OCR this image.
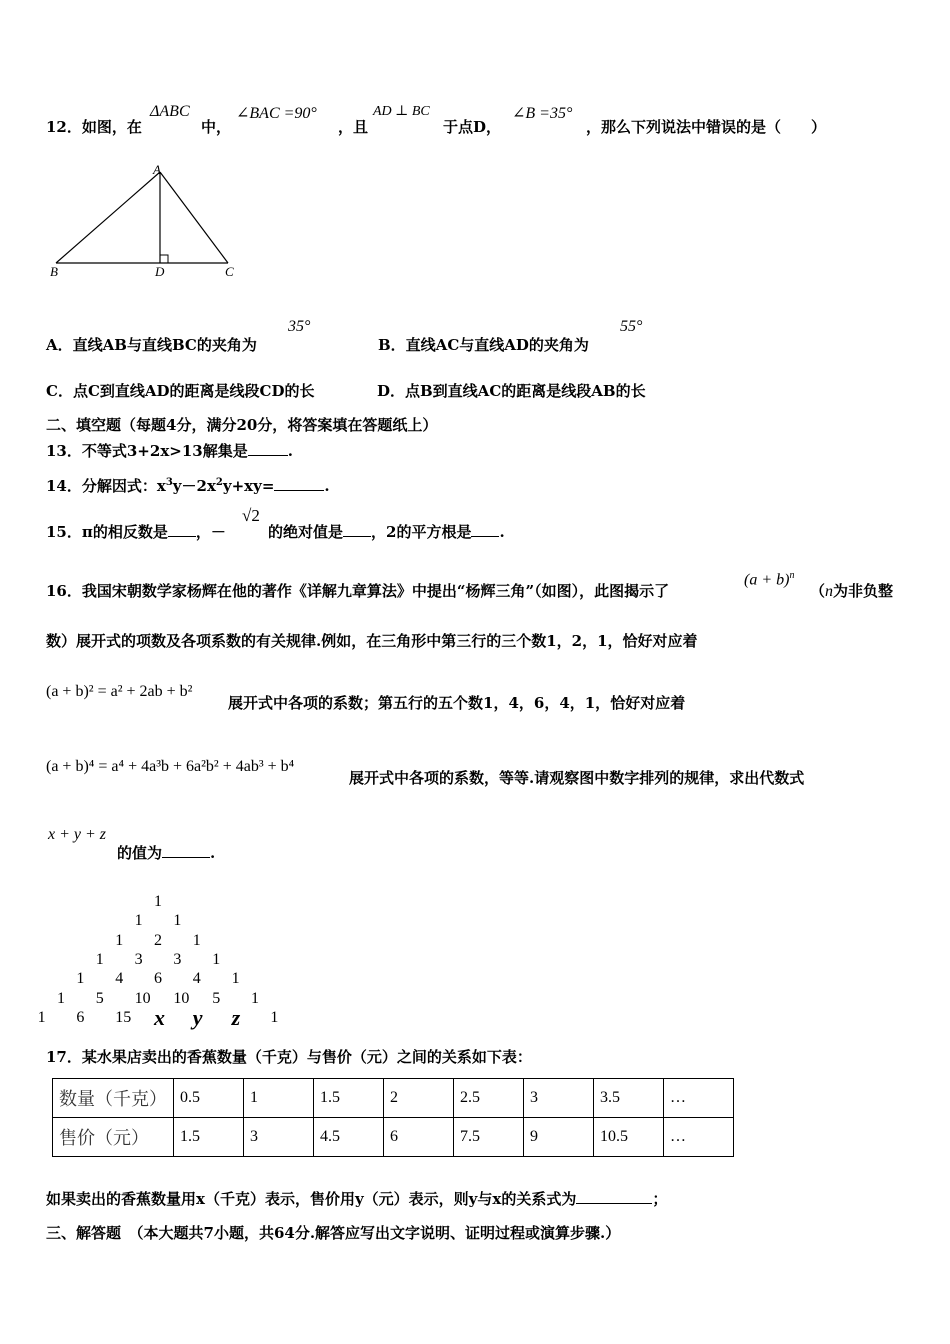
12．如图，在
ΔABC
中，
∠BAC =90°
，且
AD ⊥ BC
于点D，
∠B =35°
，那么下列说法中错误的是（　　）
A
B	D	C
A．直线AB与直线BC的夹角为
35°
B．直线AC与直线AD的夹角为
55°
C．点C到直线AD的距离是线段CD的长	D．点B到直线AC的距离是线段AB的长
二、填空题（每题4分，满分20分，将答案填在答题纸上）
13．不等式3+2x>13解集是	.
14．分解因式：$x^3y-2x^2y+xy=$	.
15．π的相反数是 ，－
√2
的绝对值是 ，2的平方根是 .
16．我国宋朝数学家杨辉在他的著作《详解九章算法》中提出“杨辉三角”（如图），此图揭示了
$(a + b)^n$
（n为非负整
数）展开式的项数及各项系数的有关规律.例如，在三角形中第三行的三个数1，2，1，恰好对应着
(a + b)² = a² + 2ab + b²
展开式中各项的系数；第五行的五个数1，4，6，4，1，恰好对应着
(a + b)⁴ = a⁴ + 4a³b + 6a²b² + 4ab³ + b⁴
展开式中各项的系数，等等.请观察图中数字排列的规律，求出代数式
x + y + z
的值为	.
1
1 1
1 2 1
1 3 3 1
1 4 6 4 1
1 5 10 10 5 1
1 6 15 x y z 1
17．某水果店卖出的香蕉数量（千克）与售价（元）之间的关系如下表：
数量（千克）	0.5	1	1.5	2	2.5	3	3.5	…
售价（元）	1.5	3	4.5	6	7.5	9	10.5	…
如果卖出的香蕉数量用x（千克）表示，售价用y（元）表示，则y与x的关系式为	；
三、解答题　（本大题共7小题，共64分.解答应写出文字说明、证明过程或演算步骤.）
